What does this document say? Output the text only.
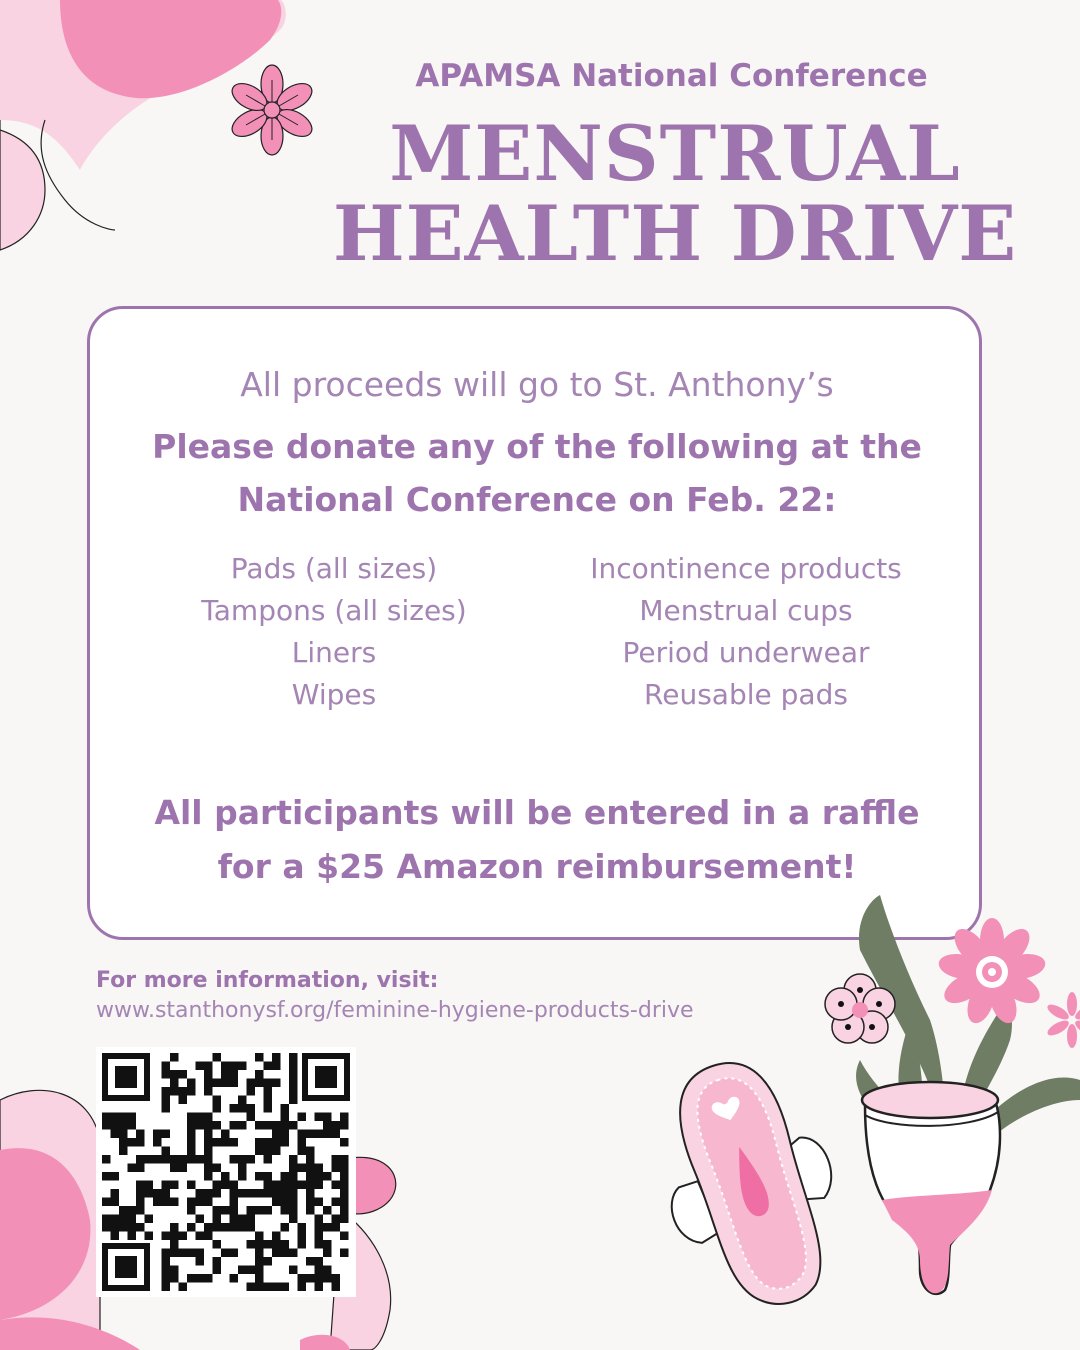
APAMSA National Conference
MENSTRUAL
HEALTH DRIVE
All proceeds will go to St. Anthony’s
Please donate any of the following at the
National Conference on Feb. 22:
Pads (all sizes)
Tampons (all sizes)
Liners
Wipes
Incontinence products
Menstrual cups
Period underwear
Reusable pads
All participants will be entered in a raffle
for a $25 Amazon reimbursement!
For more information, visit:
www.stanthonysf.org/feminine-hygiene-products-drive
